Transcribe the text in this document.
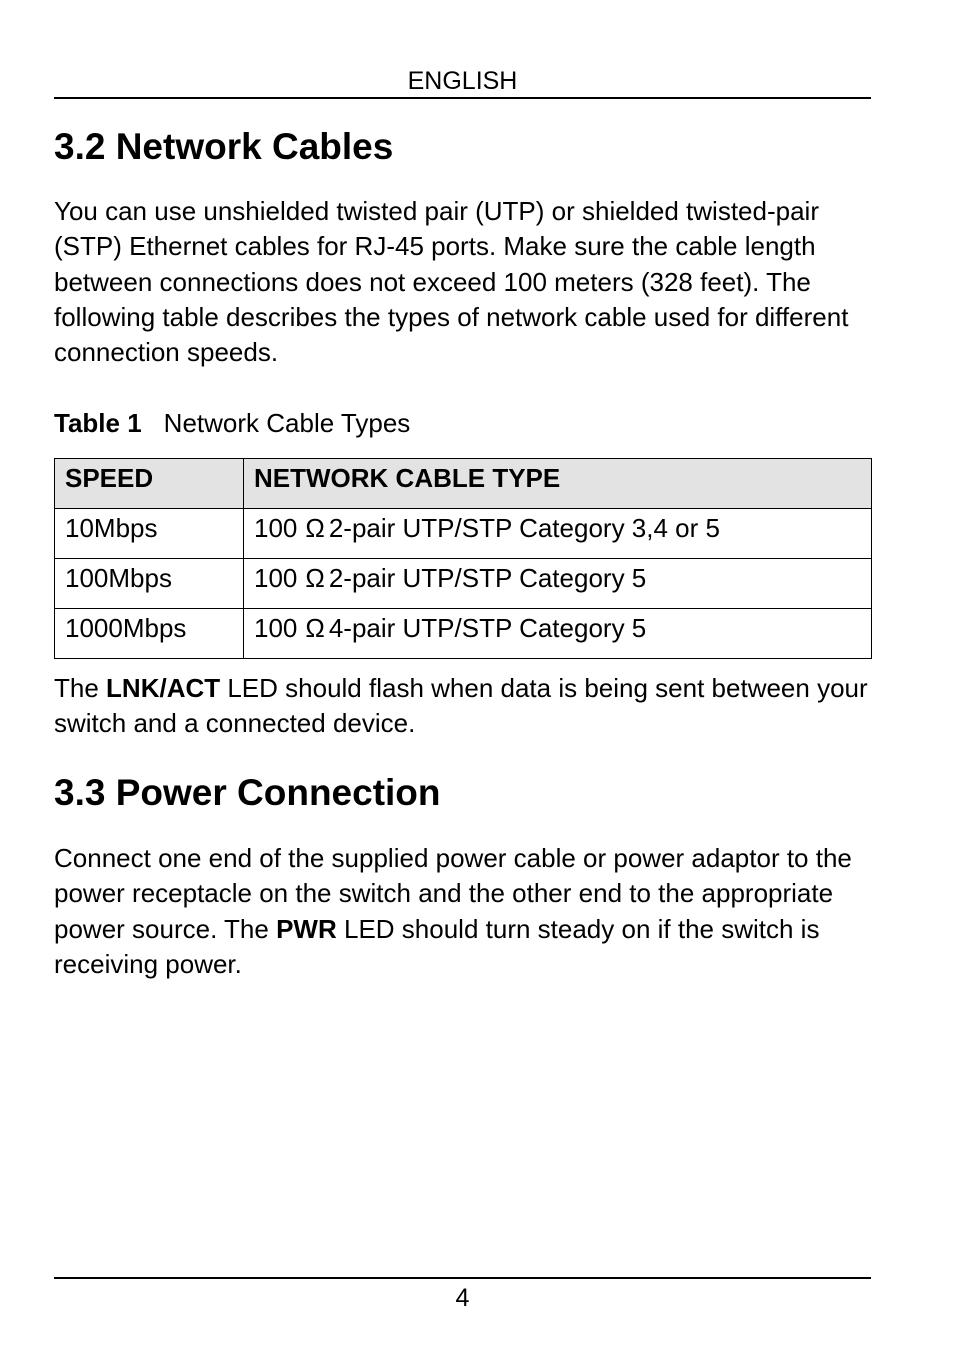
ENGLISH
3.2 Network Cables

You can use unshielded twisted pair (UTP) or shielded twisted-pair (STP) Ethernet cables for RJ-45 ports. Make sure the cable length between connections does not exceed 100 meters (328 feet). The following table describes the types of network cable used for different connection speeds.

Table 1 Network Cable Types
SPEED	NETWORK CABLE TYPE
10Mbps	100 Ω 2-pair UTP/STP Category 3,4 or 5
100Mbps	100 Ω 2-pair UTP/STP Category 5
1000Mbps	100 Ω 4-pair UTP/STP Category 5

The LNK/ACT LED should flash when data is being sent between your switch and a connected device.

3.3 Power Connection

Connect one end of the supplied power cable or power adaptor to the power receptacle on the switch and the other end to the appropriate power source. The PWR LED should turn steady on if the switch is receiving power.

4
